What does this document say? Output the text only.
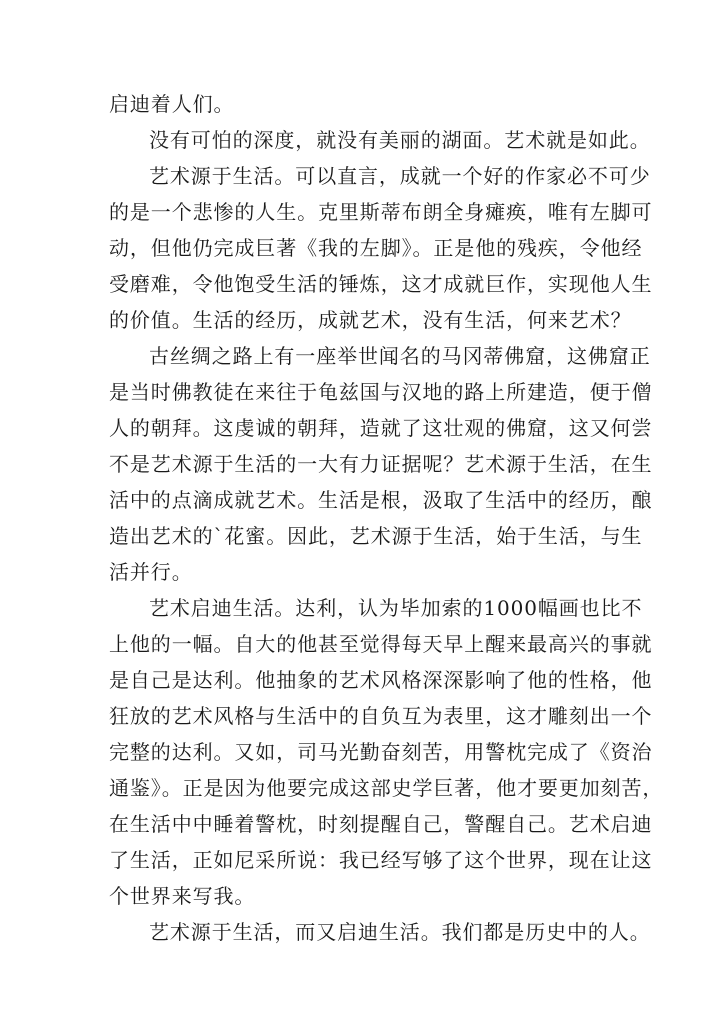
启迪着人们。
没有可怕的深度，就没有美丽的湖面。艺术就是如此。
艺术源于生活。可以直言，成就一个好的作家必不可少
的是一个悲惨的人生。克里斯蒂布朗全身瘫痪，唯有左脚可
动，但他仍完成巨著《我的左脚》。正是他的残疾，令他经
受磨难，令他饱受生活的锤炼，这才成就巨作，实现他人生
的价值。生活的经历，成就艺术，没有生活，何来艺术？
古丝绸之路上有一座举世闻名的马冈蒂佛窟，这佛窟正
是当时佛教徒在来往于龟兹国与汉地的路上所建造，便于僧
人的朝拜。这虔诚的朝拜，造就了这壮观的佛窟，这又何尝
不是艺术源于生活的一大有力证据呢？艺术源于生活，在生
活中的点滴成就艺术。生活是根，汲取了生活中的经历，酿
造出艺术的`花蜜。因此，艺术源于生活，始于生活，与生
活并行。
艺术启迪生活。达利，认为毕加索的1000幅画也比不
上他的一幅。自大的他甚至觉得每天早上醒来最高兴的事就
是自己是达利。他抽象的艺术风格深深影响了他的性格，他
狂放的艺术风格与生活中的自负互为表里，这才雕刻出一个
完整的达利。又如，司马光勤奋刻苦，用警枕完成了《资治
通鉴》。正是因为他要完成这部史学巨著，他才要更加刻苦，
在生活中中睡着警枕，时刻提醒自己，警醒自己。艺术启迪
了生活，正如尼采所说：我已经写够了这个世界，现在让这
个世界来写我。
艺术源于生活，而又启迪生活。我们都是历史中的人。
